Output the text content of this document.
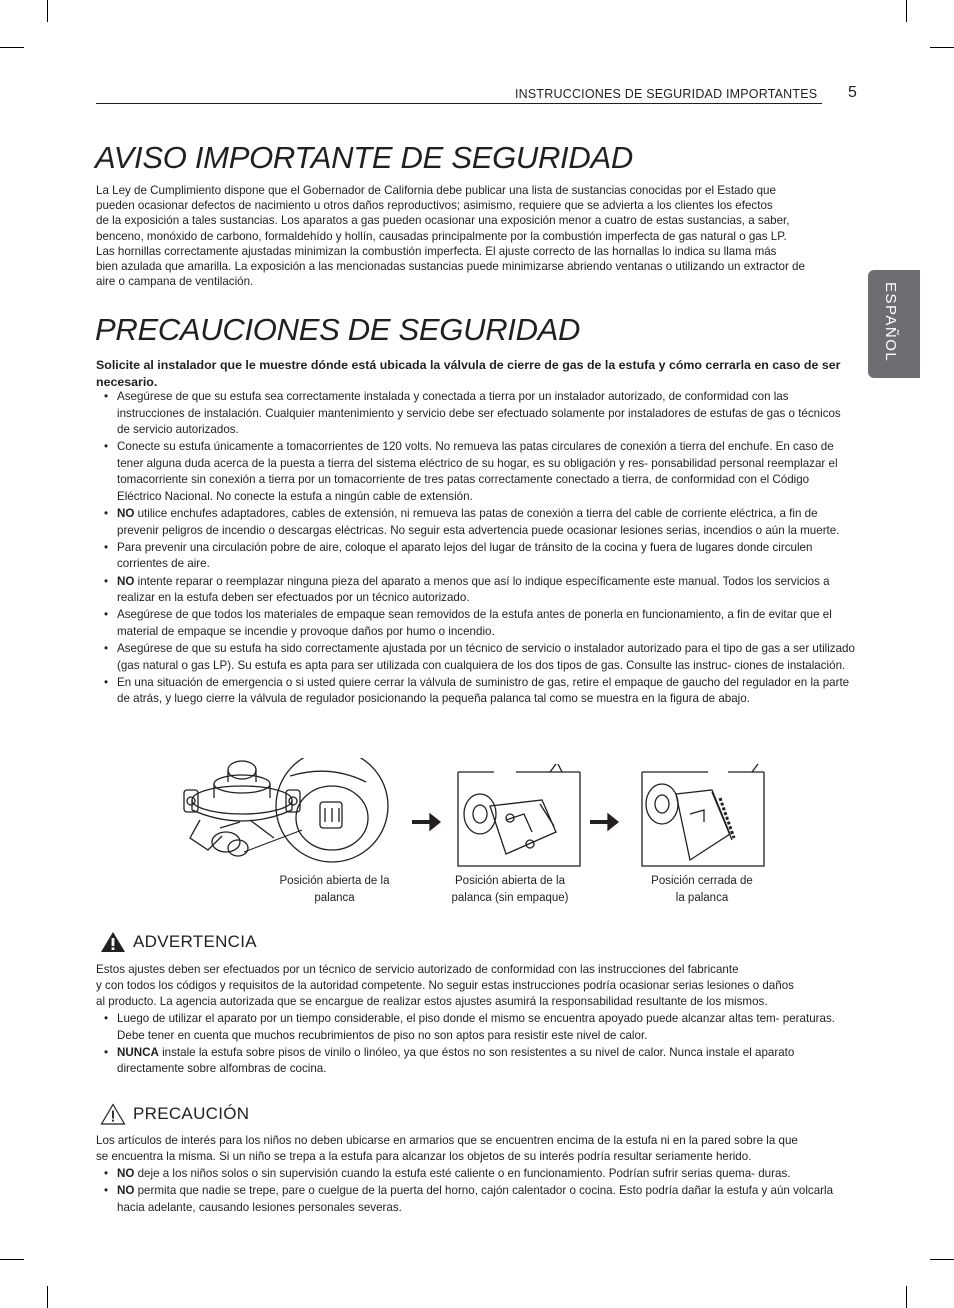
INSTRUCCIONES DE SEGURIDAD IMPORTANTES 5
ESPAÑOL
AVISO IMPORTANTE DE SEGURIDAD
La Ley de Cumplimiento dispone que el Gobernador de California debe publicar una lista de sustancias conocidas por el Estado que
pueden ocasionar defectos de nacimiento u otros daños reproductivos; asimismo, requiere que se advierta a los clientes los efectos
de la exposición a tales sustancias. Los aparatos a gas pueden ocasionar una exposición menor a cuatro de estas sustancias, a saber,
benceno, monóxido de carbono, formaldehído y hollín, causadas principalmente por la combustión imperfecta de gas natural o gas LP.
Las hornillas correctamente ajustadas minimizan la combustión imperfecta. El ajuste correcto de las hornallas lo indica su llama más
bien azulada que amarilla. La exposición a las mencionadas sustancias puede minimizarse abriendo ventanas o utilizando un extractor de
aire o campana de ventilación.
PRECAUCIONES DE SEGURIDAD

Solicite al instalador que le muestre dónde está ubicada la válvula de cierre de gas de la estufa y cómo cerrarla en caso de ser necesario.

• Asegúrese de que su estufa sea correctamente instalada y conectada a tierra por un instalador autorizado, de conformidad con las instrucciones de instalación. Cualquier mantenimiento y servicio debe ser efectuado solamente por instaladores de estufas de gas o técnicos de servicio autorizados.
• Conecte su estufa únicamente a tomacorrientes de 120 volts. No remueva las patas circulares de conexión a tierra del enchufe. En caso de tener alguna duda acerca de la puesta a tierra del sistema eléctrico de su hogar, es su obligación y res- ponsabilidad personal reemplazar el tomacorriente sin conexión a tierra por un tomacorriente de tres patas correctamente conectado a tierra, de conformidad con el Código Eléctrico Nacional. No conecte la estufa a ningún cable de extensión.
• NO utilice enchufes adaptadores, cables de extensión, ni remueva las patas de conexión a tierra del cable de corriente eléctrica, a fin de prevenir peligros de incendio o descargas eléctricas. No seguir esta advertencia puede ocasionar lesiones serias, incendios o aún la muerte.
• Para prevenir una circulación pobre de aire, coloque el aparato lejos del lugar de tránsito de la cocina y fuera de lugares donde circulen corrientes de aire.
• NO intente reparar o reemplazar ninguna pieza del aparato a menos que así lo indique específicamente este manual. Todos los servicios a realizar en la estufa deben ser efectuados por un técnico autorizado.
• Asegúrese de que todos los materiales de empaque sean removidos de la estufa antes de ponerla en funcionamiento, a fin de evitar que el material de empaque se incendie y provoque daños por humo o incendio.
• Asegúrese de que su estufa ha sido correctamente ajustada por un técnico de servicio o instalador autorizado para el tipo de gas a ser utilizado (gas natural o gas LP). Su estufa es apta para ser utilizada con cualquiera de los dos tipos de gas. Consulte las instruc- ciones de instalación.
• En una situación de emergencia o si usted quiere cerrar la válvula de suministro de gas, retire el empaque de gaucho del regulador en la parte de atrás, y luego cierre la válvula de regulador posicionando la pequeña palanca tal como se muestra en la figura de abajo.
Posición abierta de la palanca
Posición abierta de la palanca (sin empaque)
Posición cerrada de la palanca
ADVERTENCIA
Estos ajustes deben ser efectuados por un técnico de servicio autorizado de conformidad con las instrucciones del fabricante
y con todos los códigos y requisitos de la autoridad competente. No seguir estas instrucciones podría ocasionar serias lesiones o daños
al producto. La agencia autorizada que se encargue de realizar estos ajustes asumirá la responsabilidad resultante de los mismos.
• Luego de utilizar el aparato por un tiempo considerable, el piso donde el mismo se encuentra apoyado puede alcanzar altas tem- peraturas. Debe tener en cuenta que muchos recubrimientos de piso no son aptos para resistir este nivel de calor.
• NUNCA instale la estufa sobre pisos de vinilo o linóleo, ya que éstos no son resistentes a su nivel de calor. Nunca instale el aparato directamente sobre alfombras de cocina.
PRECAUCIÓN
Los artículos de interés para los niños no deben ubicarse en armarios que se encuentren encima de la estufa ni en la pared sobre la que
se encuentra la misma. Si un niño se trepa a la estufa para alcanzar los objetos de su interés podría resultar seriamente herido.
• NO deje a los niños solos o sin supervisión cuando la estufa esté caliente o en funcionamiento. Podrían sufrir serias quema- duras.
• NO permita que nadie se trepe, pare o cuelgue de la puerta del horno, cajón calentador o cocina. Esto podría dañar la estufa y aún volcarla hacia adelante, causando lesiones personales severas.
